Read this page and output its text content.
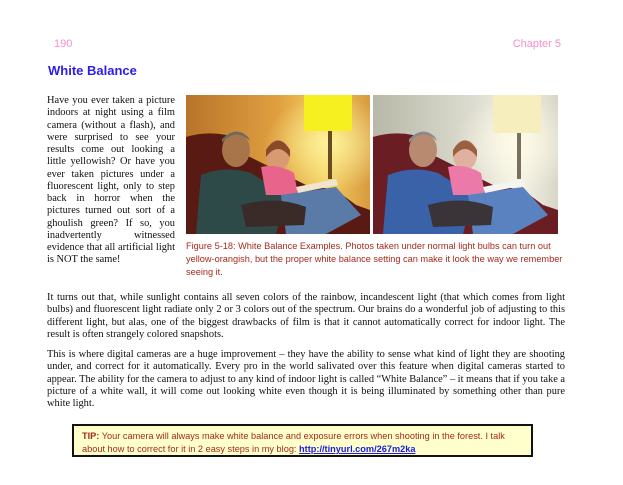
190	Chapter 5
White Balance
Have you ever taken a picture indoors at night using a film camera (without a flash), and were surprised to see your results come out looking a little yellowish? Or have you ever taken pictures under a fluorescent light, only to step back in horror when the pictures turned out sort of a ghoulish green? If so, you inadvertently witnessed evidence that all artificial light is NOT the same!
Figure 5-18: White Balance Examples. Photos taken under normal light bulbs can turn out yellow-orangish, but the proper white balance setting can make it look the way we remember seeing it.
It turns out that, while sunlight contains all seven colors of the rainbow, incandescent light (that which comes from light bulbs) and fluorescent light radiate only 2 or 3 colors out of the spectrum. Our brains do a wonderful job of adjusting to this different light, but alas, one of the biggest drawbacks of film is that it cannot automatically correct for indoor light. The result is often strangely colored snapshots.
This is where digital cameras are a huge improvement – they have the ability to sense what kind of light they are shooting under, and correct for it automatically. Every pro in the world salivated over this feature when digital cameras started to appear. The ability for the camera to adjust to any kind of indoor light is called “White Balance” – it means that if you take a picture of a white wall, it will come out looking white even though it is being illuminated by something other than pure white light.
TIP: Your camera will always make white balance and exposure errors when shooting in the forest. I talk about how to correct for it in 2 easy steps in my blog: http://tinyurl.com/267m2ka
